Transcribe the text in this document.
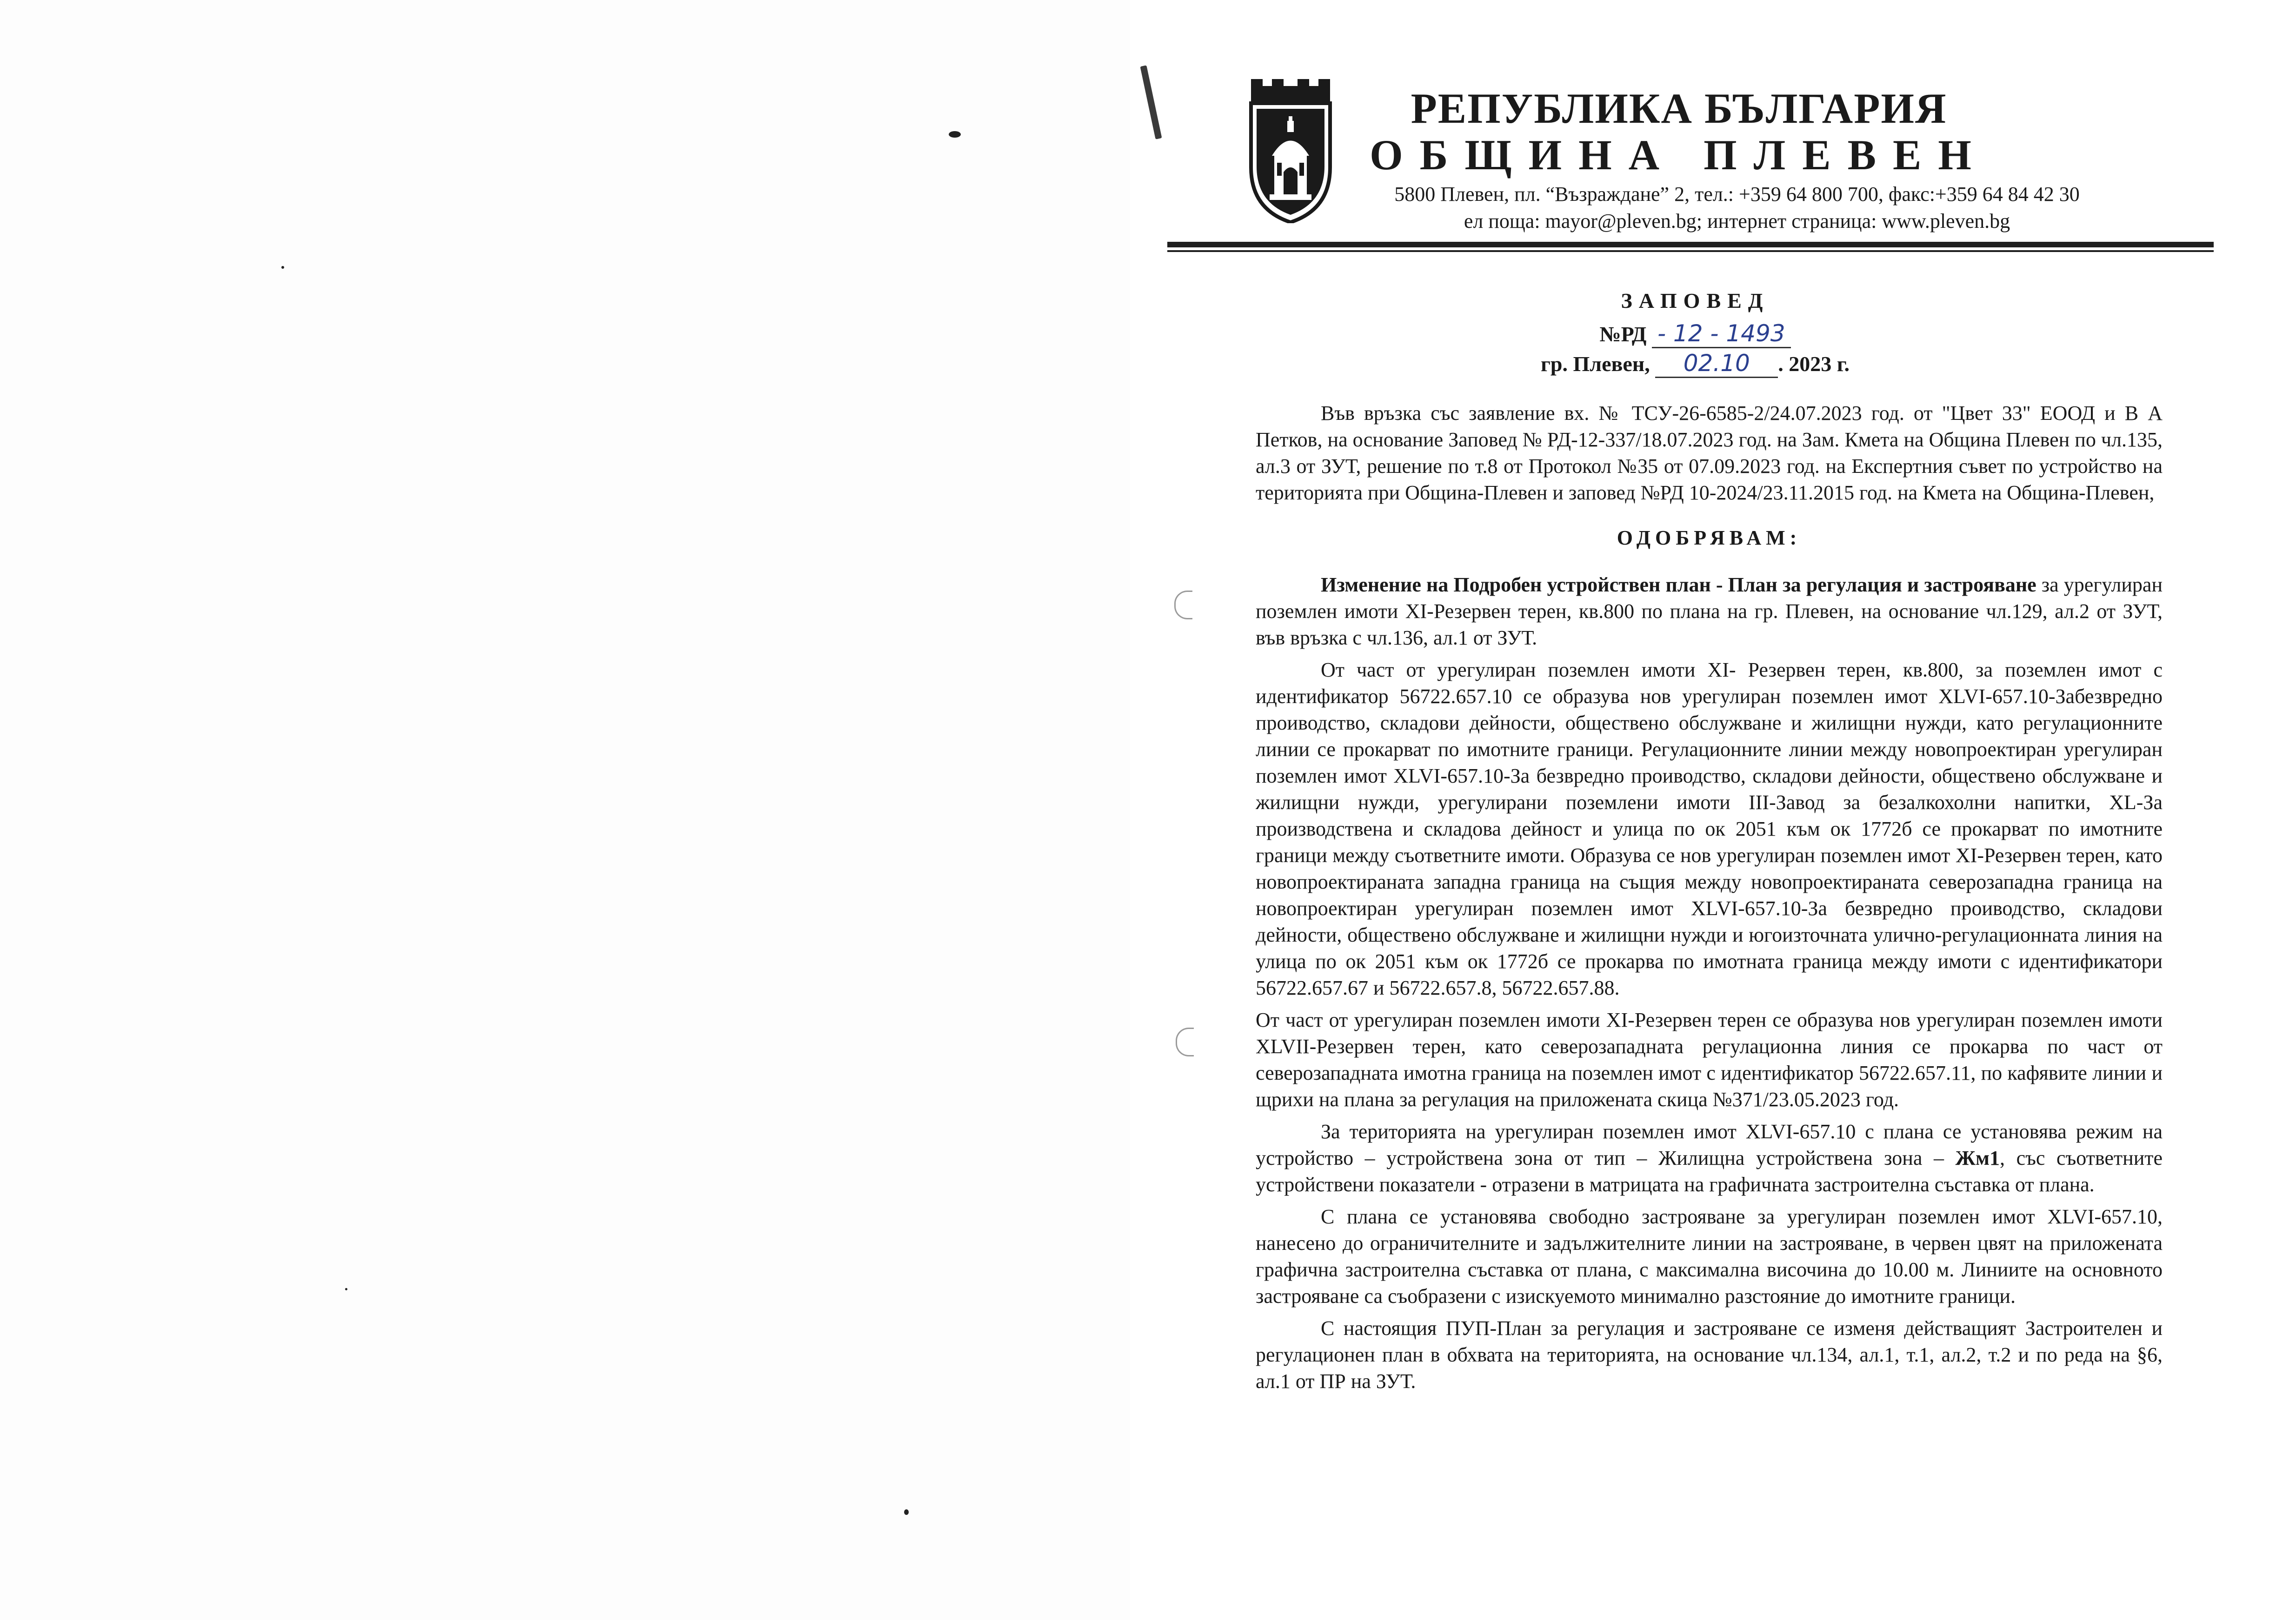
РЕПУБЛИКА БЪЛГАРИЯ
ОБЩИНА ПЛЕВЕН
5800 Плевен, пл. “Възраждане” 2, тел.: +359 64 800 700, факс:+359 64 84 42 30
ел поща: mayor@pleven.bg; интернет страница: www.pleven.bg
ЗАПОВЕД
№РД - 12 - 1493
гр. Плевен, 02.10 . 2023 г.

Във връзка със заявление вх. № ТСУ-26-6585-2/24.07.2023 год. от "Цвет 33" ЕООД и В А Петков, на основание Заповед № РД-12-337/18.07.2023 год. на Зам. Кмета на Община Плевен по чл.135, ал.3 от ЗУТ, решение по т.8 от Протокол №35 от 07.09.2023 год. на Експертния съвет по устройство на територията при Община-Плевен и заповед №РД 10-2024/23.11.2015 год. на Кмета на Община-Плевен,

ОДОБРЯВАМ:

Изменение на Подробен устройствен план - План за регулация и застрояване за урегулиран поземлен имоти XI-Резервен терен, кв.800 по плана на гр. Плевен, на основание чл.129, ал.2 от ЗУТ, във връзка с чл.136, ал.1 от ЗУТ.

От част от урегулиран поземлен имоти XI- Резервен терен, кв.800, за поземлен имот с идентификатор 56722.657.10 се образува нов урегулиран поземлен имот XLVI-657.10-Забезвредно проиводство, складови дейности, обществено обслужване и жилищни нужди, като регулационните линии се прокарват по имотните граници. Регулационните линии между новопроектиран урегулиран поземлен имот XLVI-657.10-За безвредно проиводство, складови дейности, обществено обслужване и жилищни нужди, урегулирани поземлени имоти III-Завод за безалкохолни напитки, XL-За производствена и складова дейност и улица по ок 2051 към ок 1772б се прокарват по имотните граници между съответните имоти. Образува се нов урегулиран поземлен имот XI-Резервен терен, като новопроектираната западна граница на същия между новопроектираната северозападна граница на новопроектиран урегулиран поземлен имот XLVI-657.10-За безвредно проиводство, складови дейности, обществено обслужване и жилищни нужди и югоизточната улично-регулационната линия на улица по ок 2051 към ок 1772б се прокарва по имотната граница между имоти с идентификатори 56722.657.67 и 56722.657.8, 56722.657.88.

От част от урегулиран поземлен имоти XI-Резервен терен се образува нов урегулиран поземлен имоти XLVII-Резервен терен, като северозападната регулационна линия се прокарва по част от северозападната имотна граница на поземлен имот с идентификатор 56722.657.11, по кафявите линии и щрихи на плана за регулация на приложената скица №371/23.05.2023 год.

За територията на урегулиран поземлен имот XLVI-657.10 с плана се установява режим на устройство – устройствена зона от тип – Жилищна устройствена зона – Жм1, със съответните устройствени показатели - отразени в матрицата на графичната застроителна съставка от плана.

С плана се установява свободно застрояване за урегулиран поземлен имот XLVI-657.10, нанесено до ограничителните и задължителните линии на застрояване, в червен цвят на приложената графична застроителна съставка от плана, с максимална височина до 10.00 м. Линиите на основното застрояване са съобразени с изискуемото минимално разстояние до имотните граници.

С настоящия ПУП-План за регулация и застрояване се изменя действащият Застроителен и регулационен план в обхвата на територията, на основание чл.134, ал.1, т.1, ал.2, т.2 и по реда на §6, ал.1 от ПР на ЗУТ.
